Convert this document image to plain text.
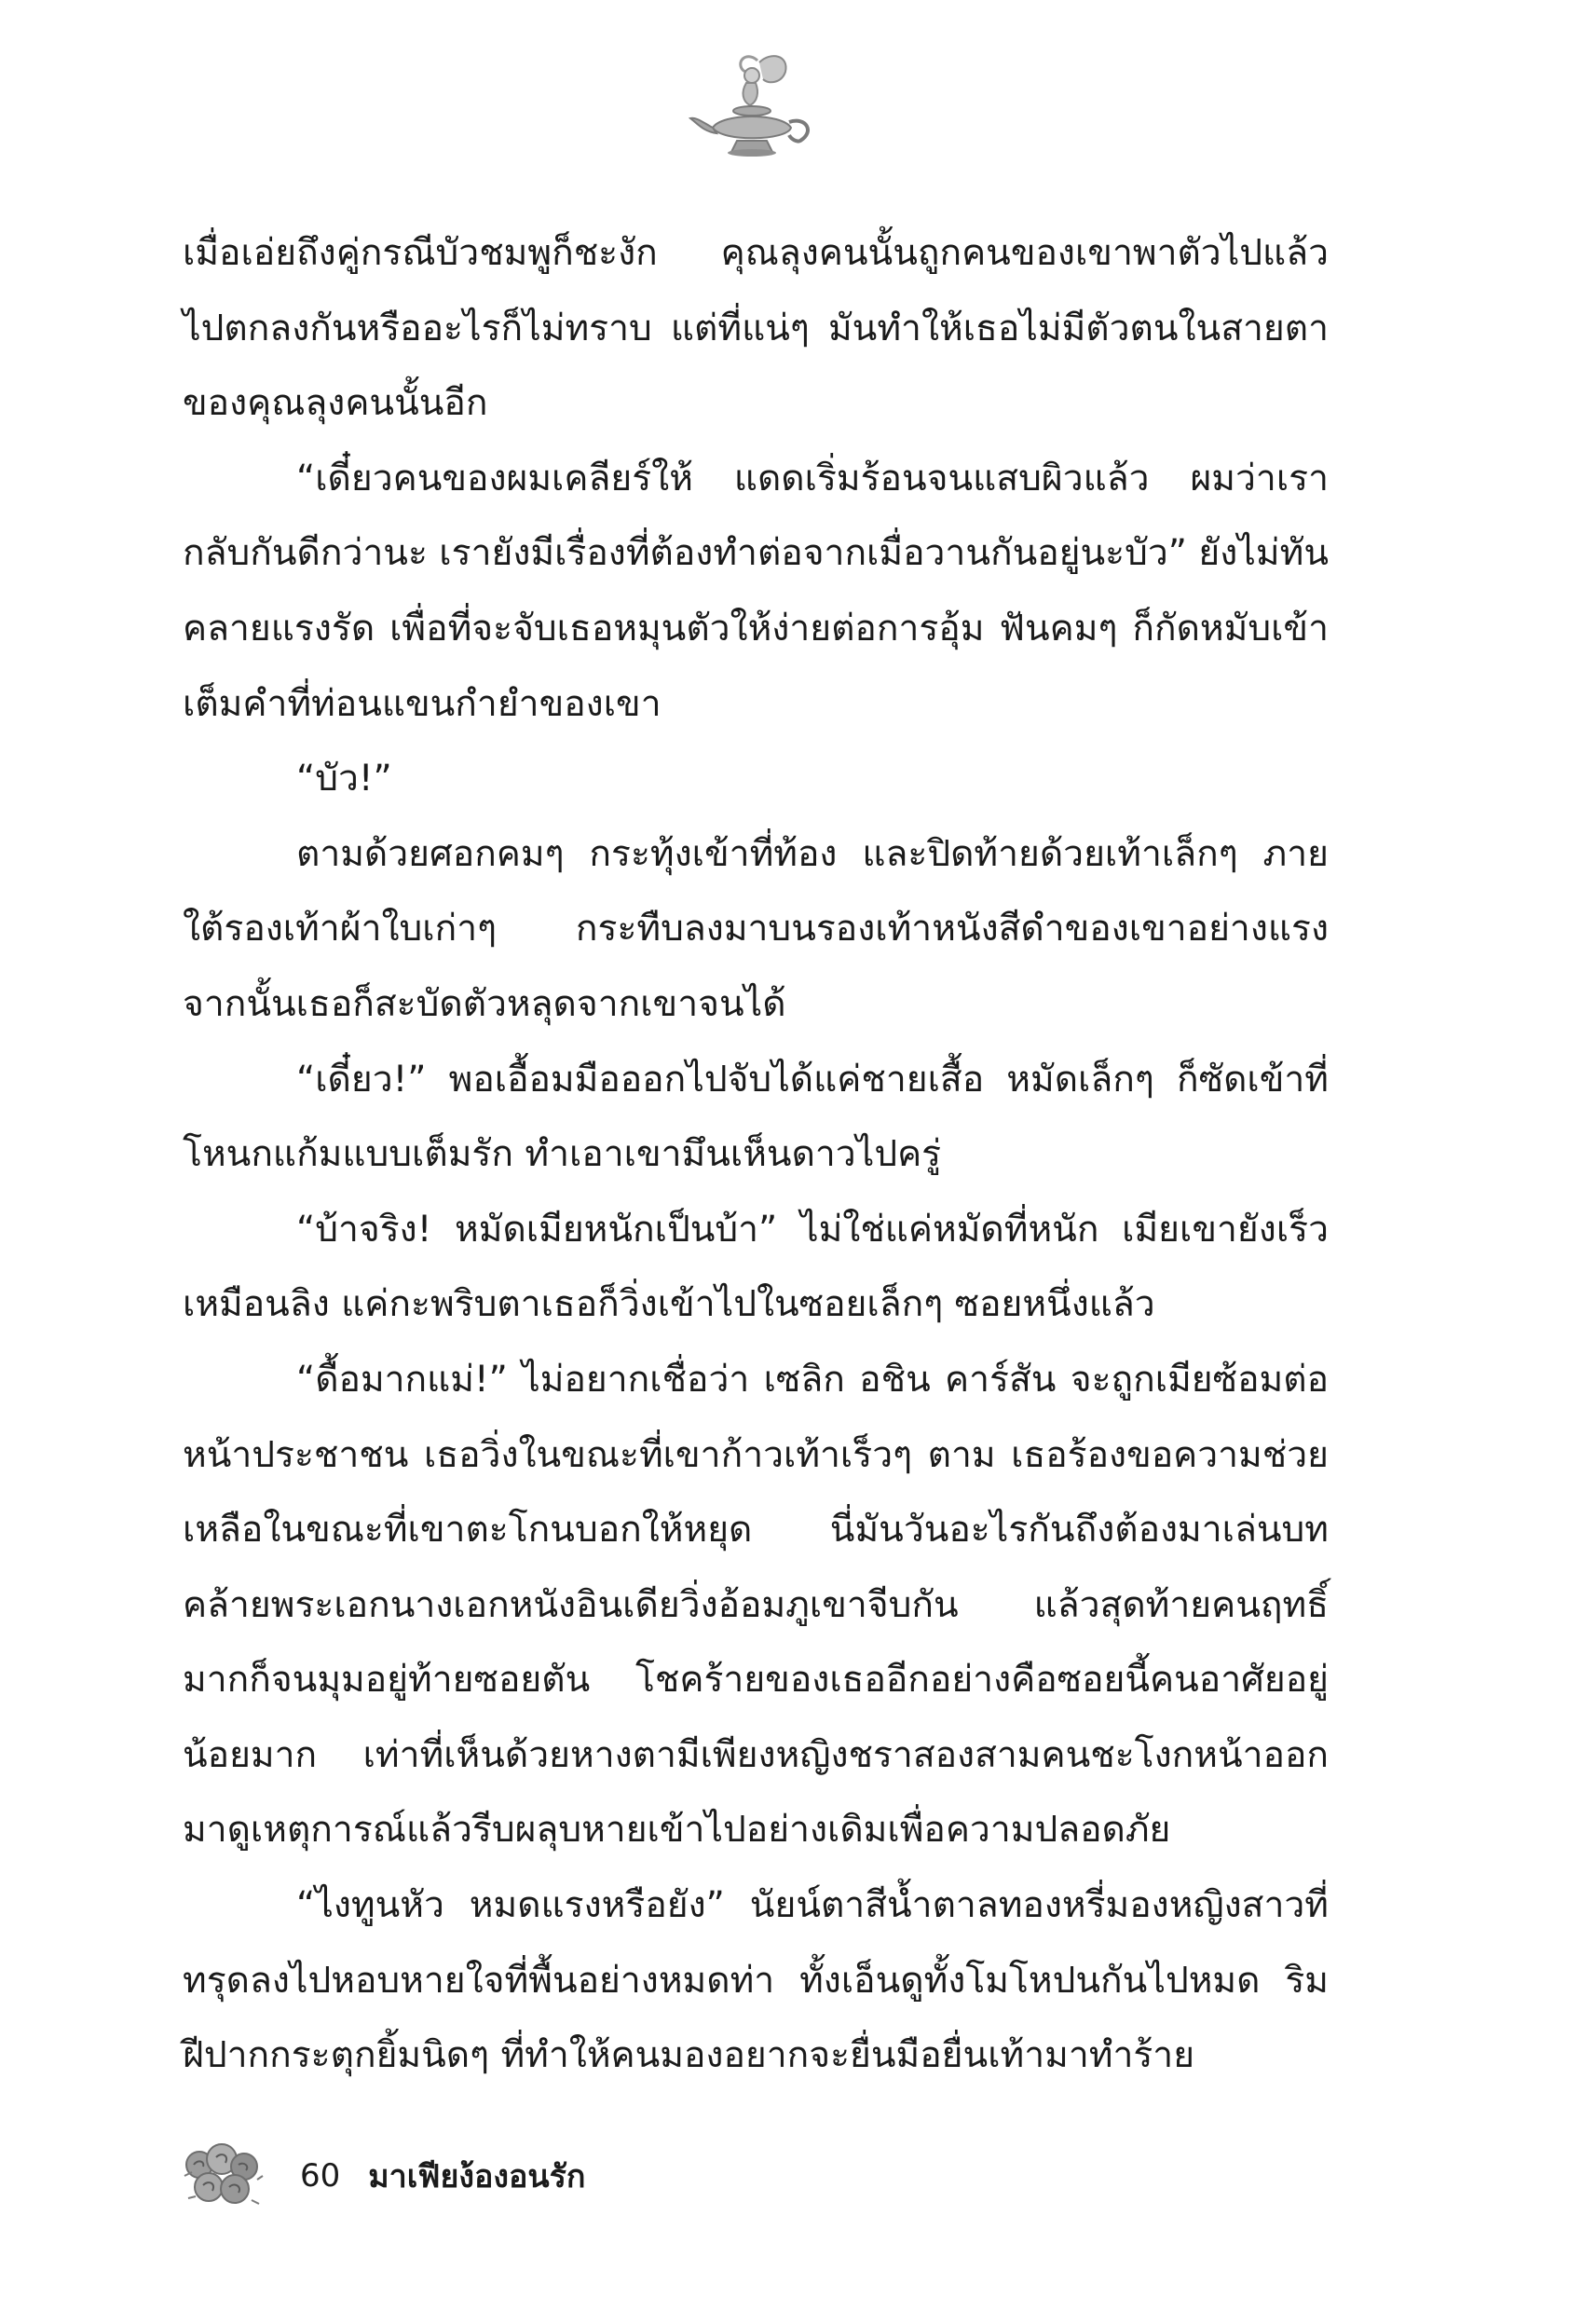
เมื่อเอ่ยถึงคู่กรณีบัวชมพูก็ชะงัก คุณลุงคนนั้นถูกคนของเขาพาตัวไปแล้ว ไปตกลงกันหรืออะไรก็ไม่ทราบ แต่ที่แน่ๆ มันทำให้เธอไม่มีตัวตนในสายตาของคุณลุงคนนั้นอีก

“เดี๋ยวคนของผมเคลียร์ให้ แดดเริ่มร้อนจนแสบผิวแล้ว ผมว่าเรากลับกันดีกว่านะ เรายังมีเรื่องที่ต้องทำต่อจากเมื่อวานกันอยู่นะบัว” ยังไม่ทันคลายแรงรัด เพื่อที่จะจับเธอหมุนตัวให้ง่ายต่อการอุ้ม ฟันคมๆ ก็กัดหมับเข้าเต็มคำที่ท่อนแขนกำยำของเขา

“บัว!”

ตามด้วยศอกคมๆ กระทุ้งเข้าที่ท้อง และปิดท้ายด้วยเท้าเล็กๆ ภายใต้รองเท้าผ้าใบเก่าๆ กระทืบลงมาบนรองเท้าหนังสีดำของเขาอย่างแรง จากนั้นเธอก็สะบัดตัวหลุดจากเขาจนได้

“เดี๋ยว!” พอเอื้อมมือออกไปจับได้แค่ชายเสื้อ หมัดเล็กๆ ก็ซัดเข้าที่โหนกแก้มแบบเต็มรัก ทำเอาเขามึนเห็นดาวไปครู่

“บ้าจริง! หมัดเมียหนักเป็นบ้า” ไม่ใช่แค่หมัดที่หนัก เมียเขายังเร็วเหมือนลิง แค่กะพริบตาเธอก็วิ่งเข้าไปในซอยเล็กๆ ซอยหนึ่งแล้ว

“ดื้อมากแม่!” ไม่อยากเชื่อว่า เซลิก อชิน คาร์สัน จะถูกเมียซ้อมต่อหน้าประชาชน เธอวิ่งในขณะที่เขาก้าวเท้าเร็วๆ ตาม เธอร้องขอความช่วยเหลือในขณะที่เขาตะโกนบอกให้หยุด นี่มันวันอะไรกันถึงต้องมาเล่นบทคล้ายพระเอกนางเอกหนังอินเดียวิ่งอ้อมภูเขาจีบกัน แล้วสุดท้ายคนฤทธิ์มากก็จนมุมอยู่ท้ายซอยตัน โชคร้ายของเธออีกอย่างคือซอยนี้คนอาศัยอยู่น้อยมาก เท่าที่เห็นด้วยหางตามีเพียงหญิงชราสองสามคนชะโงกหน้าออกมาดูเหตุการณ์แล้วรีบผลุบหายเข้าไปอย่างเดิมเพื่อความปลอดภัย

“ไงทูนหัว หมดแรงหรือยัง” นัยน์ตาสีน้ำตาลทองหรี่มองหญิงสาวที่ทรุดลงไปหอบหายใจที่พื้นอย่างหมดท่า ทั้งเอ็นดูทั้งโมโหปนกันไปหมด ริมฝีปากกระตุกยิ้มนิดๆ ที่ทำให้คนมองอยากจะยื่นมือยื่นเท้ามาทำร้าย

60 มาเฟียง้องอนรัก
